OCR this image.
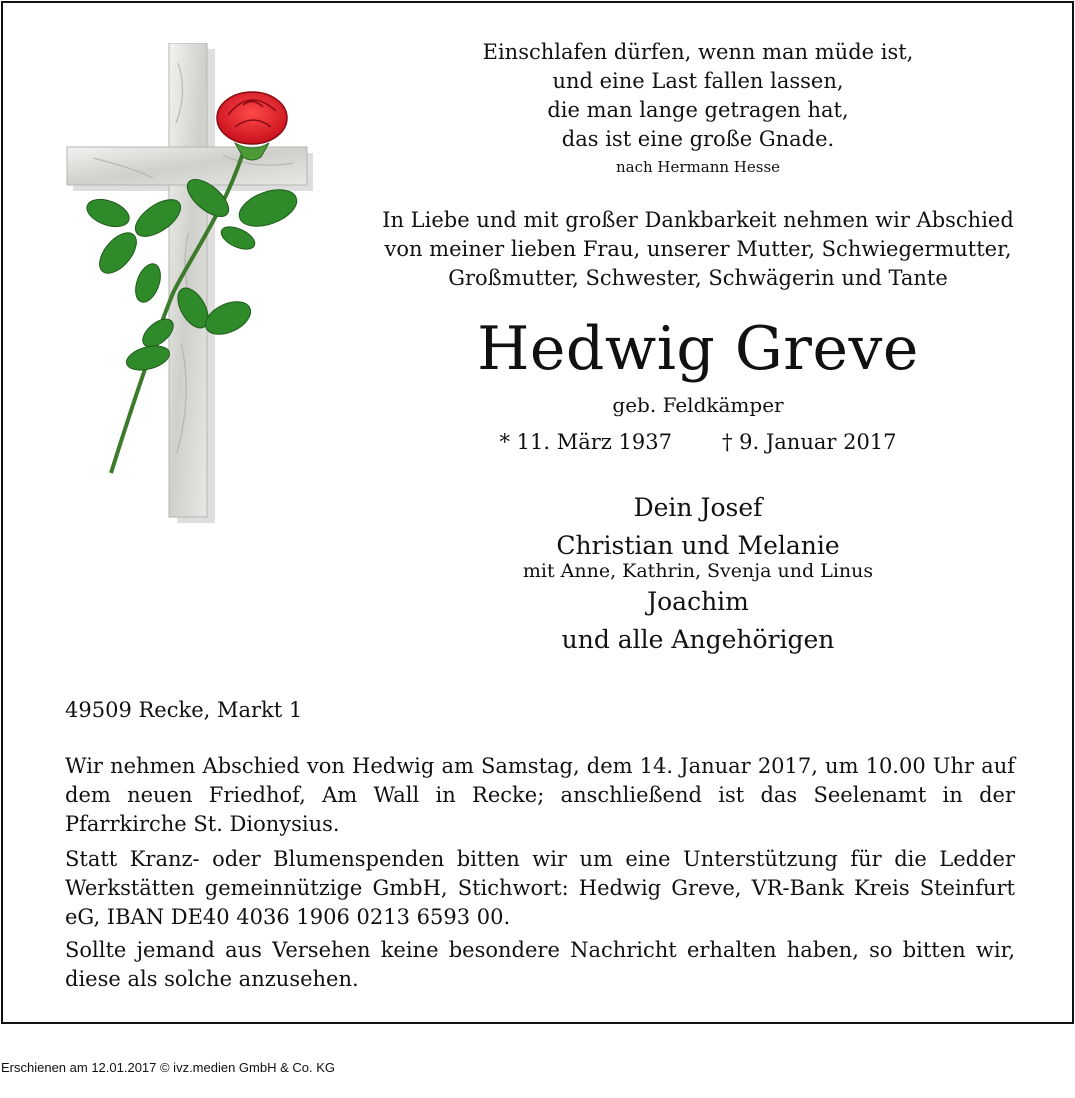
Einschlafen dürfen, wenn man müde ist,
und eine Last fallen lassen,
die man lange getragen hat,
das ist eine große Gnade.
nach Hermann Hesse
In Liebe und mit großer Dankbarkeit nehmen wir Abschied
von meiner lieben Frau, unserer Mutter, Schwiegermutter,
Großmutter, Schwester, Schwägerin und Tante
Hedwig Greve
geb. Feldkämper
* 11. März 1937 † 9. Januar 2017
Dein Josef
Christian und Melanie
mit Anne, Kathrin, Svenja und Linus
Joachim
und alle Angehörigen
49509 Recke, Markt 1
Wir nehmen Abschied von Hedwig am Samstag, dem 14. Januar 2017, um 10.00 Uhr auf dem neuen Friedhof, Am Wall in Recke; anschließend ist das Seelenamt in der Pfarrkirche St. Dionysius.
Statt Kranz- oder Blumenspenden bitten wir um eine Unterstützung für die Ledder Werkstätten gemeinnützige GmbH, Stichwort: Hedwig Greve, VR-Bank Kreis Steinfurt eG, IBAN DE40 4036 1906 0213 6593 00.
Sollte jemand aus Versehen keine besondere Nachricht erhalten haben, so bitten wir, diese als solche anzusehen.
Erschienen am 12.01.2017 © ivz.medien GmbH & Co. KG
